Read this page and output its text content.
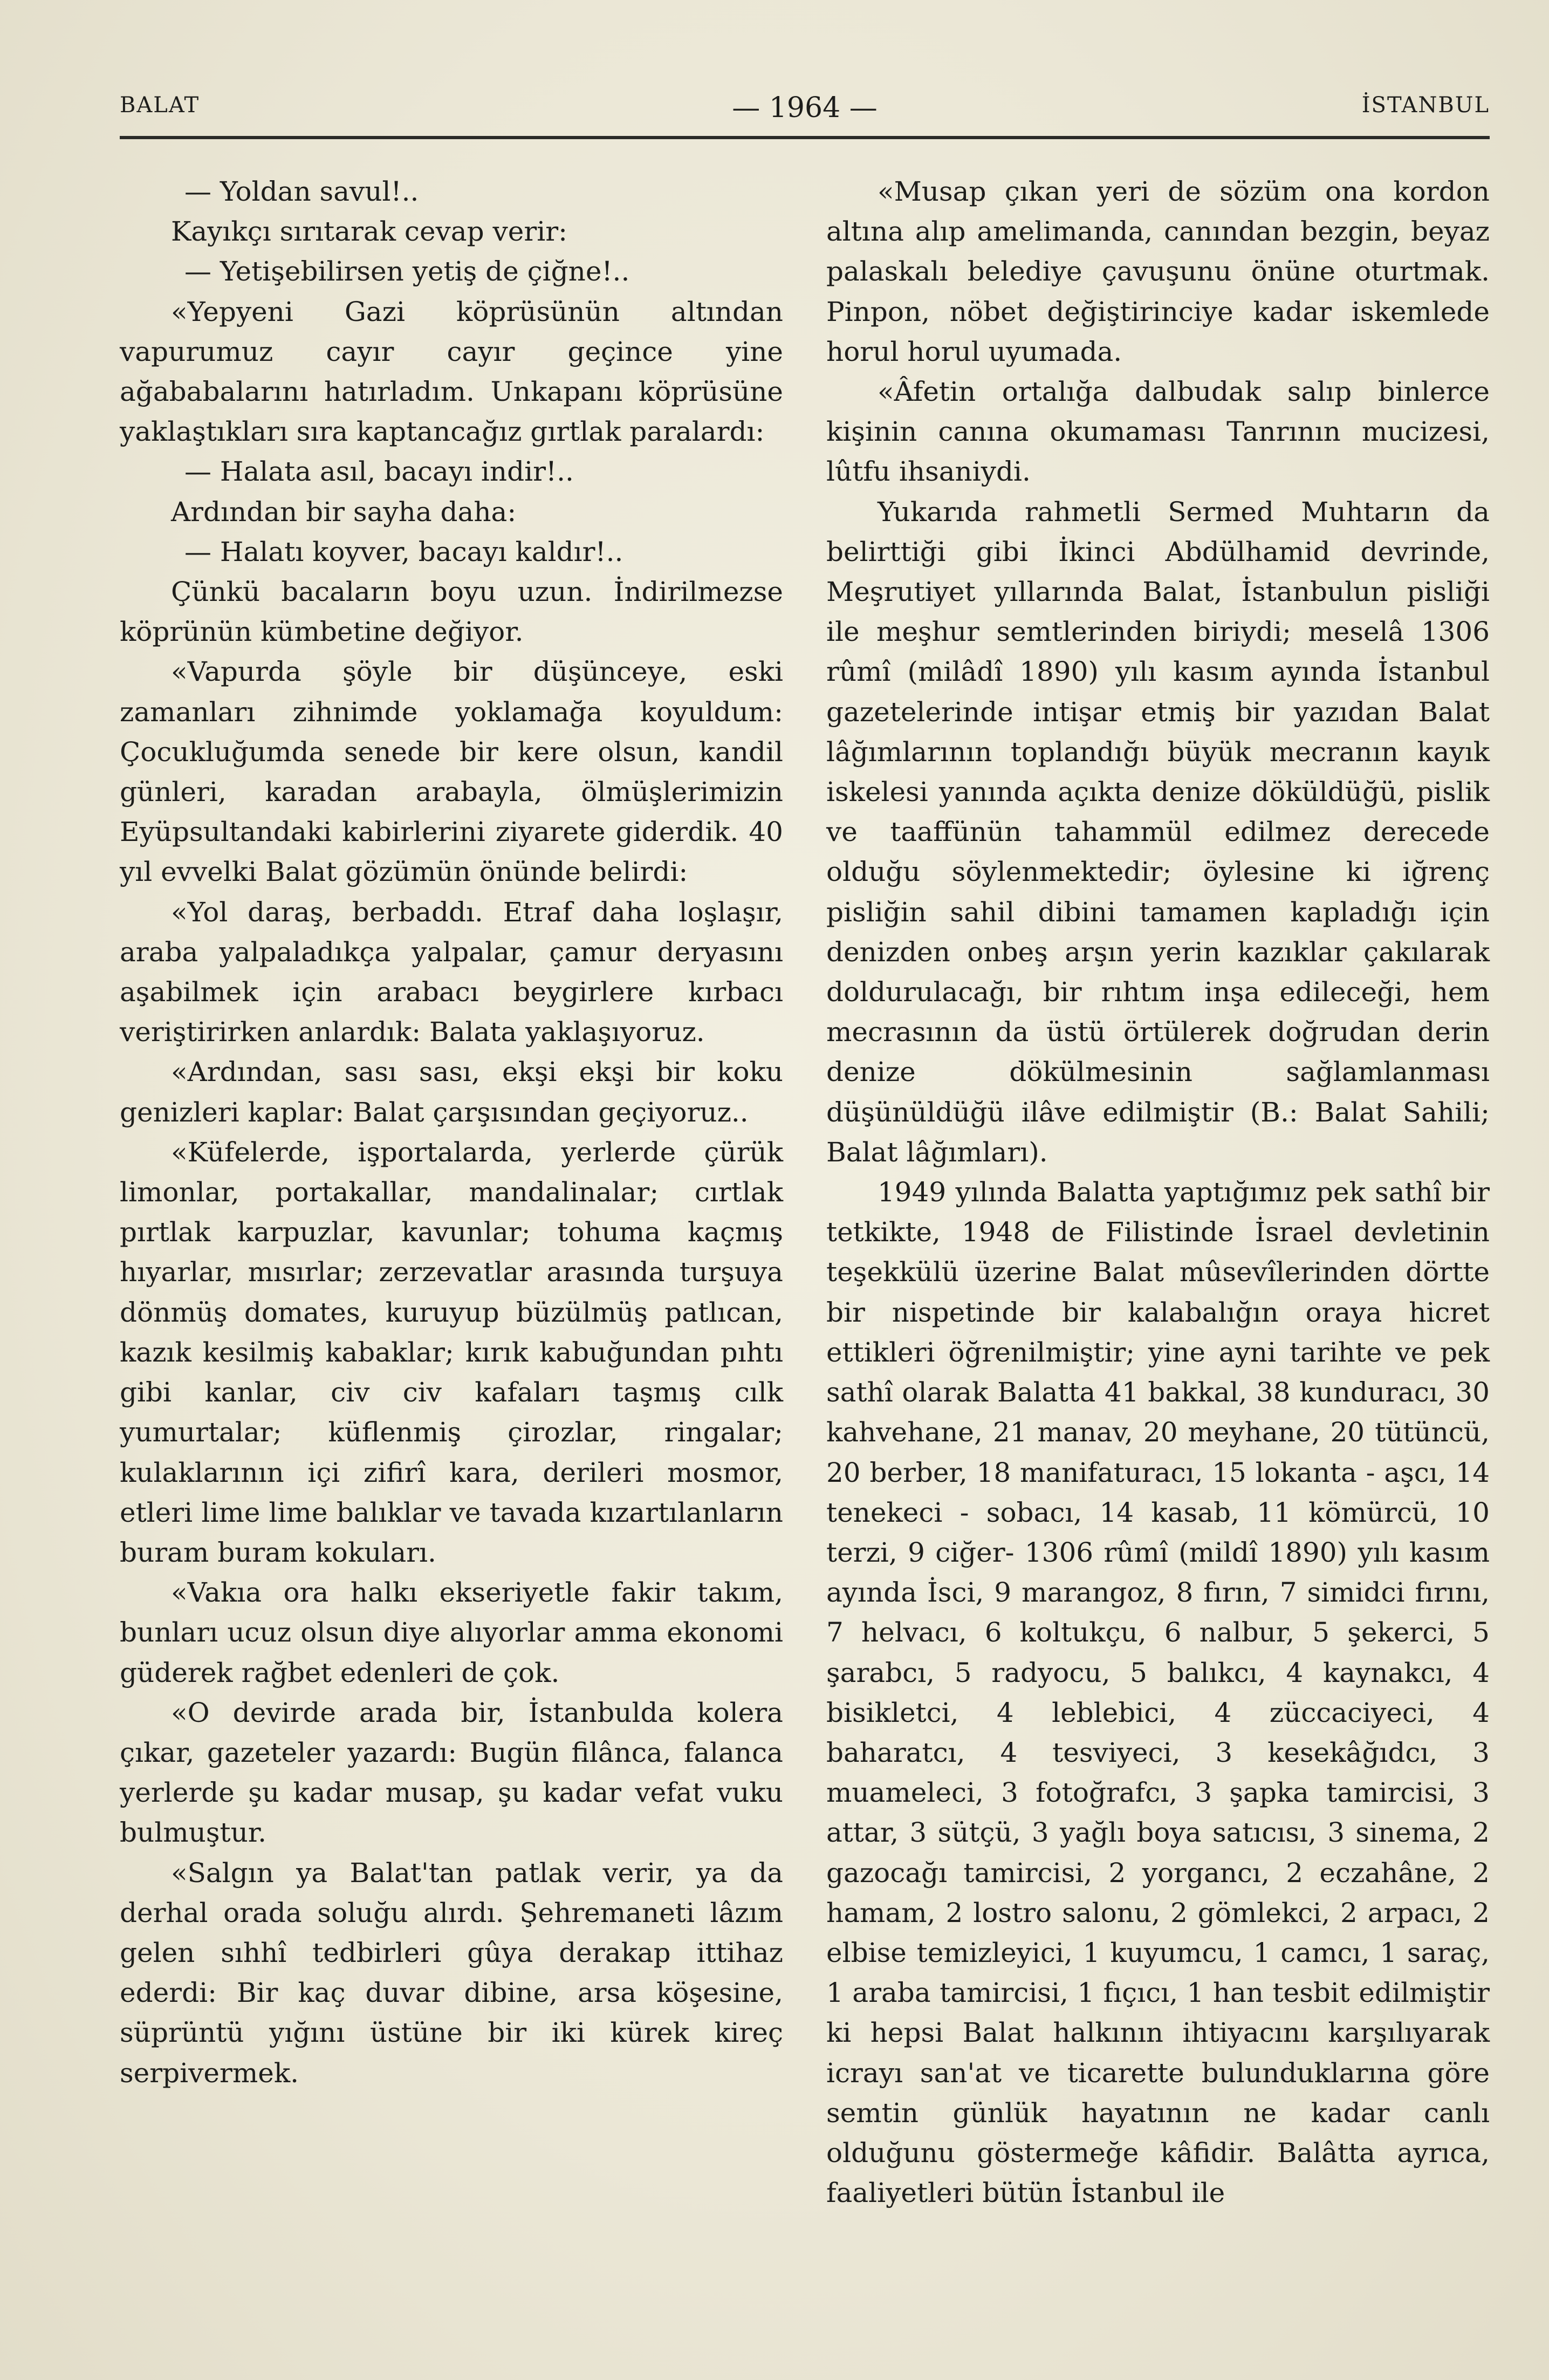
BALAT	— 1964 —	İSTANBUL

— Yoldan savul!..

Kayıkçı sırıtarak cevap verir:

— Yetişebilirsen yetiş de çiğne!..

«Yepyeni Gazi köprüsünün altından vapurumuz cayır cayır geçince yine ağababalarını hatırladım. Unkapanı köprüsüne yaklaştıkları sıra kaptancağız gırtlak paralardı:

— Halata asıl, bacayı indir!..

Ardından bir sayha daha:

— Halatı koyver, bacayı kaldır!..

Çünkü bacaların boyu uzun. İndirilmezse köprünün kümbetine değiyor.

«Vapurda şöyle bir düşünceye, eski zamanları zihnimde yoklamağa koyuldum: Çocukluğumda senede bir kere olsun, kandil günleri, karadan arabayla, ölmüşlerimizin Eyüpsultandaki kabirlerini ziyarete giderdik. 40 yıl evvelki Balat gözümün önünde belirdi:

«Yol daraş, berbaddı. Etraf daha loşlaşır, araba yalpaladıkça yalpalar, çamur deryasını aşabilmek için arabacı beygirlere kırbacı veriştirirken anlardık: Balata yaklaşıyoruz.

«Ardından, sası sası, ekşi ekşi bir koku genizleri kaplar: Balat çarşısından geçiyoruz..

«Küfelerde, işportalarda, yerlerde çürük limonlar, portakallar, mandalinalar; cırtlak pırtlak karpuzlar, kavunlar; tohuma kaçmış hıyarlar, mısırlar; zerzevatlar arasında turşuya dönmüş domates, kuruyup büzülmüş patlıcan, kazık kesilmiş kabaklar; kırık kabuğundan pıhtı gibi kanlar, civ civ kafaları taşmış cılk yumurtalar; küflenmiş çirozlar, ringalar; kulaklarının içi zifirî kara, derileri mosmor, etleri lime lime balıklar ve tavada kızartılanların buram buram kokuları.

«Vakıa ora halkı ekseriyetle fakir takım, bunları ucuz olsun diye alıyorlar amma ekonomi güderek rağbet edenleri de çok.

«O devirde arada bir, İstanbulda kolera çıkar, gazeteler yazardı: Bugün filânca, falanca yerlerde şu kadar musap, şu kadar vefat vuku bulmuştur.

«Salgın ya Balat'tan patlak verir, ya da derhal orada soluğu alırdı. Şehremaneti lâzım gelen sıhhî tedbirleri gûya derakap ittihaz ederdi: Bir kaç duvar dibine, arsa köşesine, süprüntü yığını üstüne bir iki kürek kireç serpivermek.

«Musap çıkan yeri de sözüm ona kordon altına alıp amelimanda, canından bezgin, beyaz palaskalı belediye çavuşunu önüne oturtmak. Pinpon, nöbet değiştirinciye kadar iskemlede horul horul uyumada.

«Âfetin ortalığa dalbudak salıp binlerce kişinin canına okumaması Tanrının mucizesi, lûtfu ihsaniydi.

Yukarıda rahmetli Sermed Muhtarın da belirttiği gibi İkinci Abdülhamid devrinde, Meşrutiyet yıllarında Balat, İstanbulun pisliği ile meşhur semtlerinden biriydi; meselâ 1306 rûmî (milâdî 1890) yılı kasım ayında İstanbul gazetelerinde intişar etmiş bir yazıdan Balat lâğımlarının toplandığı büyük mecranın kayık iskelesi yanında açıkta denize döküldüğü, pislik ve taaffünün tahammül edilmez derecede olduğu söylenmektedir; öylesine ki iğrenç pisliğin sahil dibini tamamen kapladığı için denizden onbeş arşın yerin kazıklar çakılarak doldurulacağı, bir rıhtım inşa edileceği, hem mecrasının da üstü örtülerek doğrudan derin denize dökülmesinin sağlamlanması düşünüldüğü ilâve edilmiştir (B.: Balat Sahili; Balat lâğımları).

1949 yılında Balatta yaptığımız pek sathî bir tetkikte, 1948 de Filistinde İsrael devletinin teşekkülü üzerine Balat mûsevîlerinden dörtte bir nispetinde bir kalabalığın oraya hicret ettikleri öğrenilmiştir; yine ayni tarihte ve pek sathî olarak Balatta 41 bakkal, 38 kunduracı, 30 kahvehane, 21 manav, 20 meyhane, 20 tütüncü, 20 berber, 18 manifaturacı, 15 lokanta - aşcı, 14 tenekeci - sobacı, 14 kasab, 11 kömürcü, 10 terzi, 9 ciğer- 1306 rûmî (mildî 1890) yılı kasım ayında İsci, 9 marangoz, 8 fırın, 7 simidci fırını, 7 helvacı, 6 koltukçu, 6 nalbur, 5 şekerci, 5 şarabcı, 5 radyocu, 5 balıkcı, 4 kaynakcı, 4 bisikletci, 4 leblebici, 4 züccaciyeci, 4 baharatcı, 4 tesviyeci, 3 kesekâğıdcı, 3 muameleci, 3 fotoğrafcı, 3 şapka tamircisi, 3 attar, 3 sütçü, 3 yağlı boya satıcısı, 3 sinema, 2 gazocağı tamircisi, 2 yorgancı, 2 eczahâne, 2 hamam, 2 lostro salonu, 2 gömlekci, 2 arpacı, 2 elbise temizleyici, 1 kuyumcu, 1 camcı, 1 saraç, 1 araba tamircisi, 1 fıçıcı, 1 han tesbit edilmiştir ki hepsi Balat halkının ihtiyacını karşılıyarak icrayı san'at ve ticarette bulunduklarına göre semtin günlük hayatının ne kadar canlı olduğunu göstermeğe kâfidir. Balâtta ayrıca, faaliyetleri bütün İstanbul ile
